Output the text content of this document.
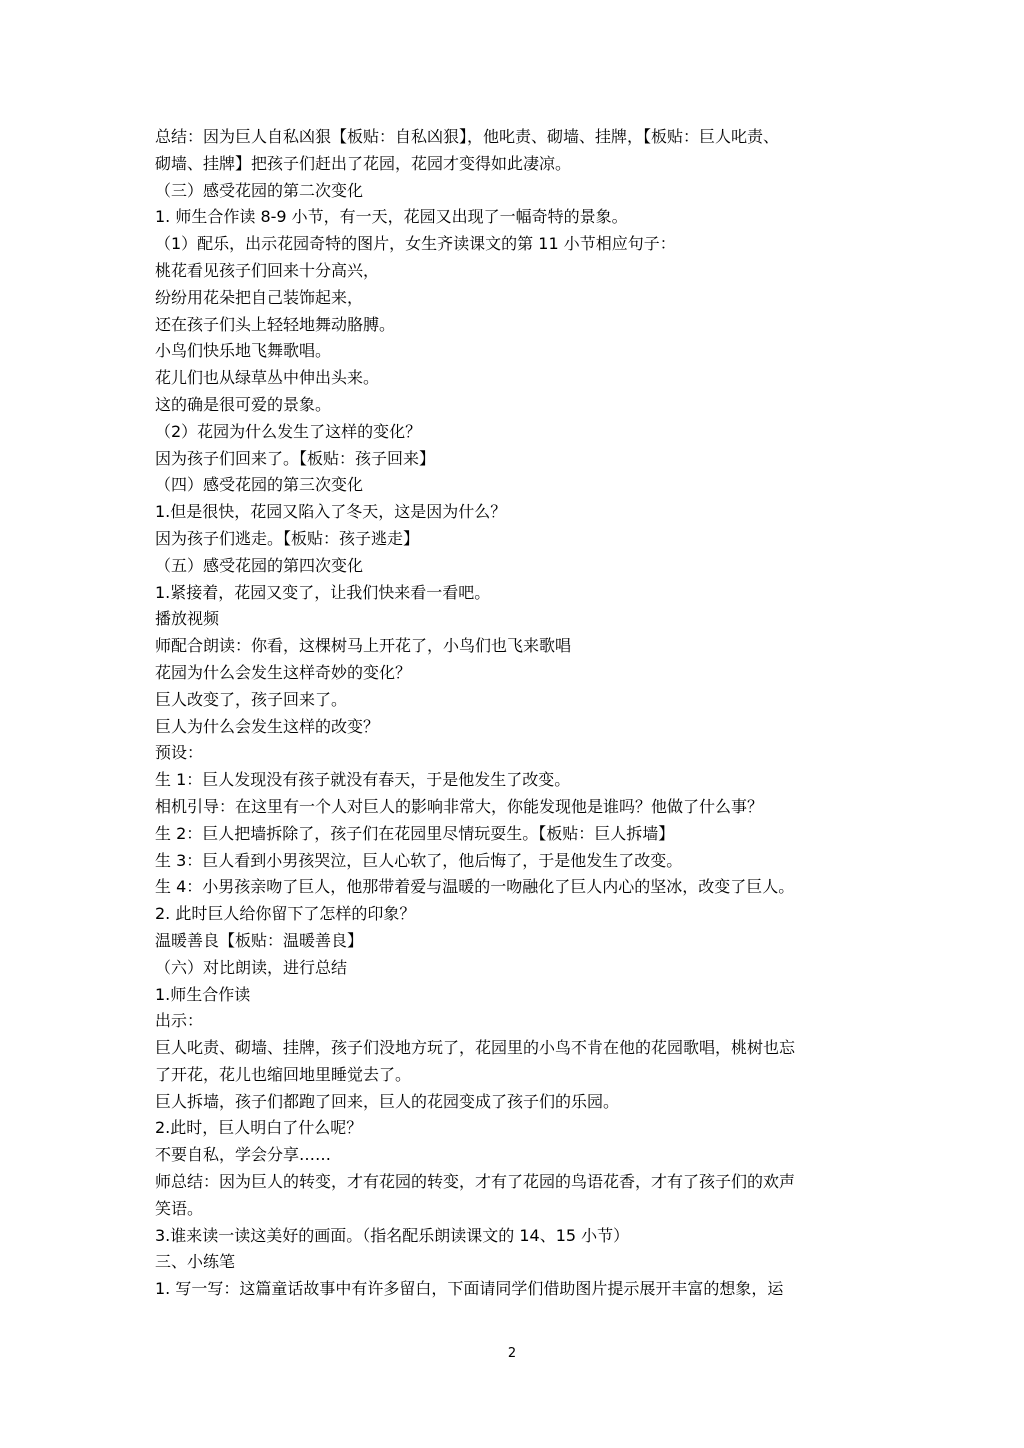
总结：因为巨人自私凶狠【板贴：自私凶狠】，他叱责、砌墙、挂牌，【板贴：巨人叱责、
砌墙、挂牌】把孩子们赶出了花园，花园才变得如此凄凉。
（三）感受花园的第二次变化
1. 师生合作读 8-9 小节，有一天，花园又出现了一幅奇特的景象。
（1）配乐，出示花园奇特的图片，女生齐读课文的第 11 小节相应句子：
桃花看见孩子们回来十分高兴，
纷纷用花朵把自己装饰起来，
还在孩子们头上轻轻地舞动胳膊。
小鸟们快乐地飞舞歌唱。
花儿们也从绿草丛中伸出头来。
这的确是很可爱的景象。
（2）花园为什么发生了这样的变化？
因为孩子们回来了。【板贴：孩子回来】
（四）感受花园的第三次变化
1.但是很快，花园又陷入了冬天，这是因为什么？
因为孩子们逃走。【板贴：孩子逃走】
（五）感受花园的第四次变化
1.紧接着，花园又变了，让我们快来看一看吧。
播放视频
师配合朗读：你看，这棵树马上开花了，小鸟们也飞来歌唱
花园为什么会发生这样奇妙的变化？
巨人改变了，孩子回来了。
巨人为什么会发生这样的改变？
预设：
生 1：巨人发现没有孩子就没有春天，于是他发生了改变。
相机引导：在这里有一个人对巨人的影响非常大，你能发现他是谁吗？他做了什么事？
生 2：巨人把墙拆除了，孩子们在花园里尽情玩耍生。【板贴：巨人拆墙】
生 3：巨人看到小男孩哭泣，巨人心软了，他后悔了，于是他发生了改变。
生 4：小男孩亲吻了巨人，他那带着爱与温暖的一吻融化了巨人内心的坚冰，改变了巨人。
2. 此时巨人给你留下了怎样的印象？
温暖善良【板贴：温暖善良】
（六）对比朗读，进行总结
1.师生合作读
出示：
巨人叱责、砌墙、挂牌，孩子们没地方玩了，花园里的小鸟不肯在他的花园歌唱，桃树也忘
了开花，花儿也缩回地里睡觉去了。
巨人拆墙，孩子们都跑了回来，巨人的花园变成了孩子们的乐园。
2.此时，巨人明白了什么呢？
不要自私，学会分享……
师总结：因为巨人的转变，才有花园的转变，才有了花园的鸟语花香，才有了孩子们的欢声
笑语。
3.谁来读一读这美好的画面。（指名配乐朗读课文的 14、15 小节）
三、小练笔
1. 写一写：这篇童话故事中有许多留白，下面请同学们借助图片提示展开丰富的想象，运
2
